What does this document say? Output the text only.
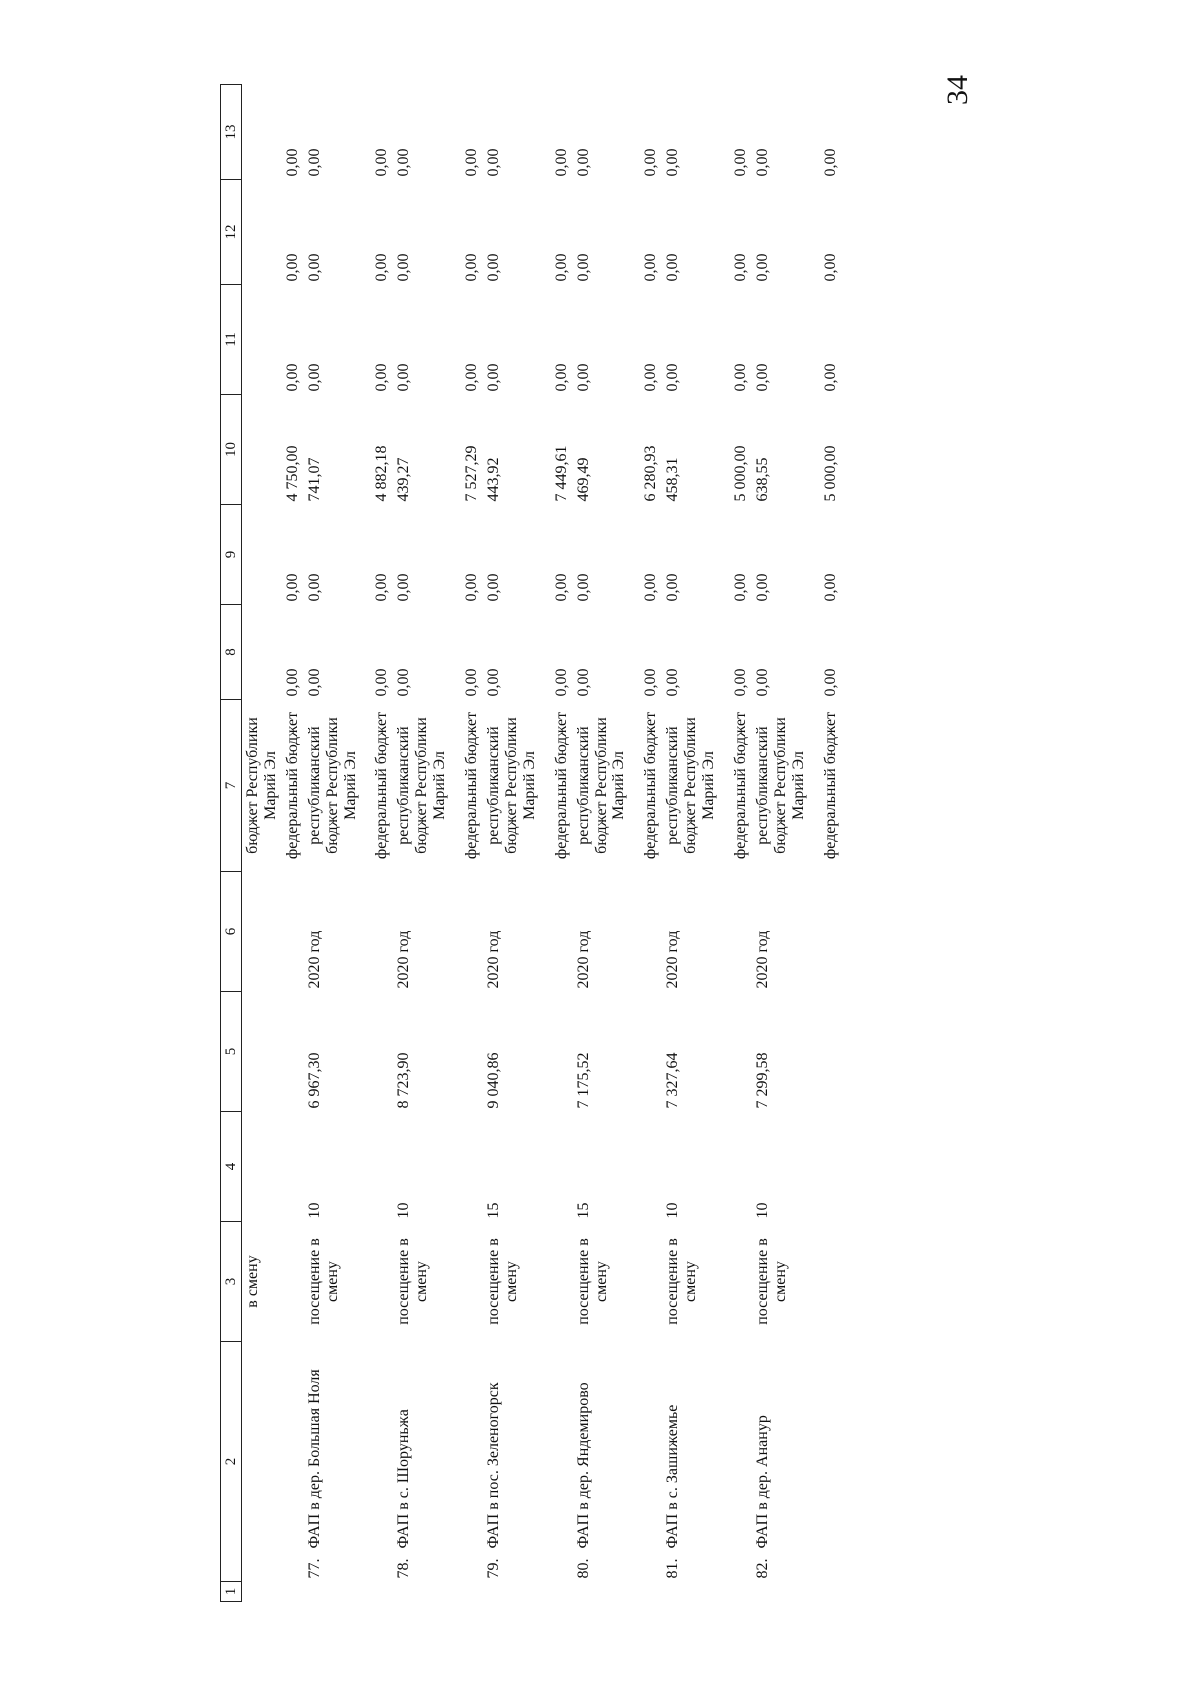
34
1	2	3	4	5	6	7	8	9	10	11	12	13
		в смену				бюджет Республики Марий Эл						
						федеральный бюджет	0,00	0,00	4 750,00	0,00	0,00	0,00
	77.ФАП в дер. Большая Ноля	посещение в смену	10	6 967,30	2020 год	республиканский бюджет Республики Марий Эл	0,00	0,00	741,07	0,00	0,00	0,00

						федеральный бюджет	0,00	0,00	4 882,18	0,00	0,00	0,00
	78.ФАП в с. Шоруньжа	посещение в смену	10	8 723,90	2020 год	республиканский бюджет Республики Марий Эл	0,00	0,00	439,27	0,00	0,00	0,00

						федеральный бюджет	0,00	0,00	7 527,29	0,00	0,00	0,00
	79.ФАП в пос. Зеленогорск	посещение в смену	15	9 040,86	2020 год	республиканский бюджет Республики Марий Эл	0,00	0,00	443,92	0,00	0,00	0,00

						федеральный бюджет	0,00	0,00	7 449,61	0,00	0,00	0,00
	80.ФАП в дер. Яндемирово	посещение в смену	15	7 175,52	2020 год	республиканский бюджет Республики Марий Эл	0,00	0,00	469,49	0,00	0,00	0,00

						федеральный бюджет	0,00	0,00	6 280,93	0,00	0,00	0,00
	81.ФАП в с. Зашижемье	посещение в смену	10	7 327,64	2020 год	республиканский бюджет Республики Марий Эл	0,00	0,00	458,31	0,00	0,00	0,00

						федеральный бюджет	0,00	0,00	5 000,00	0,00	0,00	0,00
	82.ФАП в дер. Ананур	посещение в смену	10	7 299,58	2020 год	республиканский бюджет Республики Марий Эл	0,00	0,00	638,55	0,00	0,00	0,00

						федеральный бюджет	0,00	0,00	5 000,00	0,00	0,00	0,00
